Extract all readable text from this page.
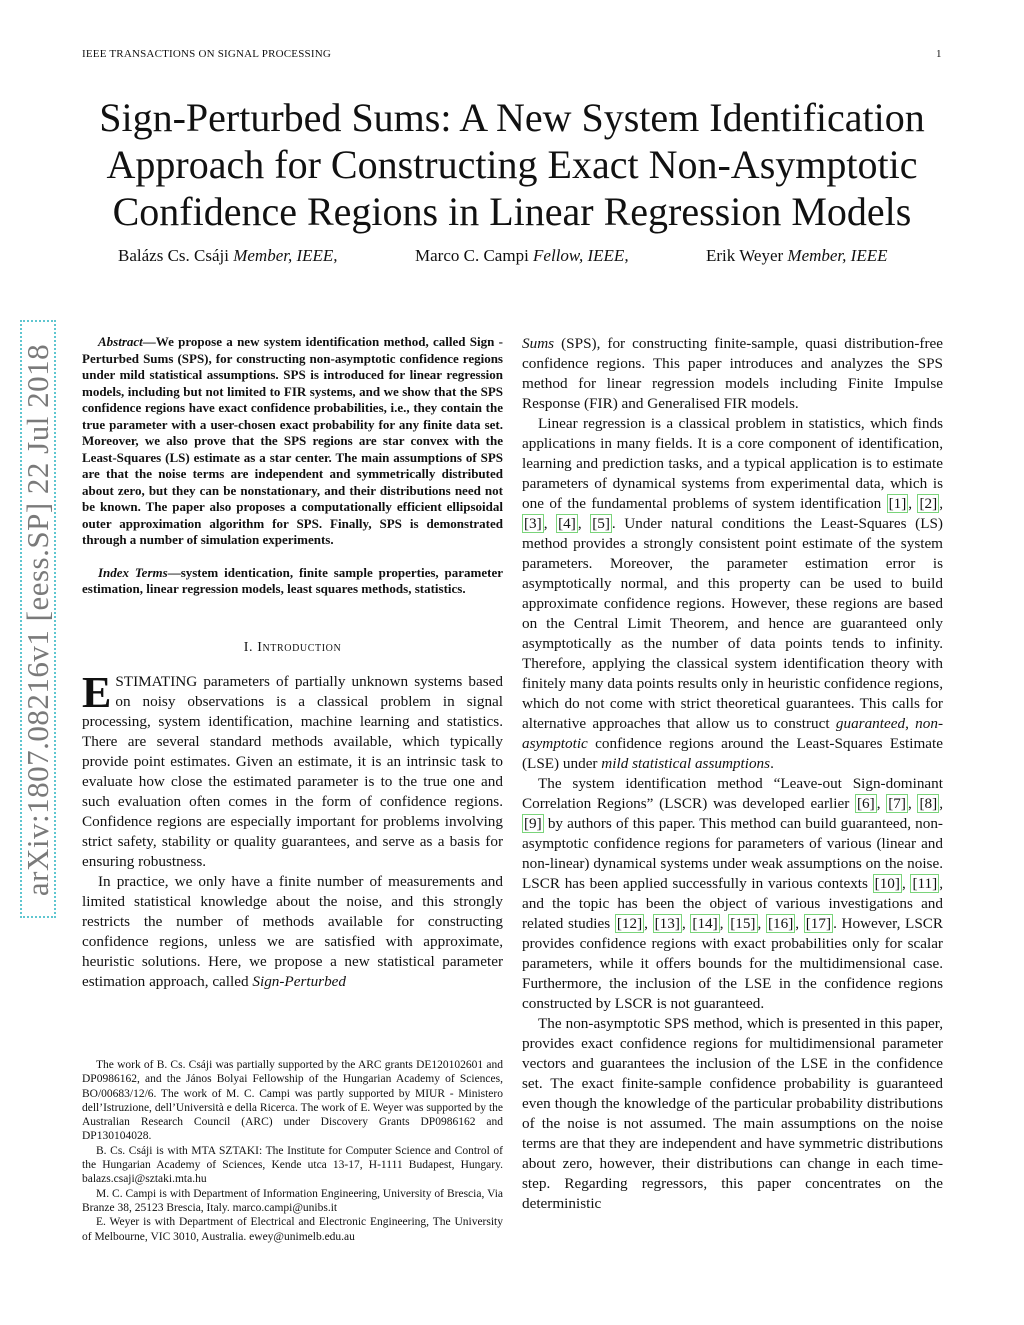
IEEE TRANSACTIONS ON SIGNAL PROCESSING	1
Sign-Perturbed Sums: A New System Identification Approach for Constructing Exact Non-Asymptotic Confidence Regions in Linear Regression Models
Balázs Cs. Csáji Member, IEEE,	Marco C. Campi Fellow, IEEE,	Erik Weyer Member, IEEE
arXiv:1807.08216v1 [eess.SP] 22 Jul 2018

Abstract—We propose a new system identification method, called Sign - Perturbed Sums (SPS), for constructing non-asymptotic confidence regions under mild statistical assumptions. SPS is introduced for linear regression models, including but not limited to FIR systems, and we show that the SPS confidence regions have exact confidence probabilities, i.e., they contain the true parameter with a user-chosen exact probability for any finite data set. Moreover, we also prove that the SPS regions are star convex with the Least-Squares (LS) estimate as a star center. The main assumptions of SPS are that the noise terms are independent and symmetrically distributed about zero, but they can be nonstationary, and their distributions need not be known. The paper also proposes a computationally efficient ellipsoidal outer approximation algorithm for SPS. Finally, SPS is demonstrated through a number of simulation experiments.

Index Terms—system identication, finite sample properties, parameter estimation, linear regression models, least squares methods, statistics.

I. Introduction

ESTIMATING parameters of partially unknown systems based on noisy observations is a classical problem in signal processing, system identification, machine learning and statistics. There are several standard methods available, which typically provide point estimates. Given an estimate, it is an intrinsic task to evaluate how close the estimated parameter is to the true one and such evaluation often comes in the form of confidence regions. Confidence regions are especially important for problems involving strict safety, stability or quality guarantees, and serve as a basis for ensuring robustness.

In practice, we only have a finite number of measurements and limited statistical knowledge about the noise, and this strongly restricts the number of methods available for constructing confidence regions, unless we are satisfied with approximate, heuristic solutions. Here, we propose a new statistical parameter estimation approach, called Sign-Perturbed

The work of B. Cs. Csáji was partially supported by the ARC grants DE120102601 and DP0986162, and the János Bolyai Fellowship of the Hungarian Academy of Sciences, BO/00683/12/6. The work of M. C. Campi was partly supported by MIUR - Ministero dell’Istruzione, dell’Università e della Ricerca. The work of E. Weyer was supported by the Australian Research Council (ARC) under Discovery Grants DP0986162 and DP130104028.

B. Cs. Csáji is with MTA SZTAKI: The Institute for Computer Science and Control of the Hungarian Academy of Sciences, Kende utca 13-17, H-1111 Budapest, Hungary. balazs.csaji@sztaki.mta.hu

M. C. Campi is with Department of Information Engineering, University of Brescia, Via Branze 38, 25123 Brescia, Italy. marco.campi@unibs.it

E. Weyer is with Department of Electrical and Electronic Engineering, The University of Melbourne, VIC 3010, Australia. ewey@unimelb.edu.au

Sums (SPS), for constructing finite-sample, quasi distribution-free confidence regions. This paper introduces and analyzes the SPS method for linear regression models including Finite Impulse Response (FIR) and Generalised FIR models.

Linear regression is a classical problem in statistics, which finds applications in many fields. It is a core component of identification, learning and prediction tasks, and a typical application is to estimate parameters of dynamical systems from experimental data, which is one of the fundamental problems of system identification [1] , [2] , [3] , [4] , [5] . Under natural conditions the Least-Squares (LS) method provides a strongly consistent point estimate of the system parameters. Moreover, the parameter estimation error is asymptotically normal, and this property can be used to build approximate confidence regions. However, these regions are based on the Central Limit Theorem, and hence are guaranteed only asymptotically as the number of data points tends to infinity. Therefore, applying the classical system identification theory with finitely many data points results only in heuristic confidence regions, which do not come with strict theoretical guarantees. This calls for alternative approaches that allow us to construct guaranteed, non-asymptotic confidence regions around the Least-Squares Estimate (LSE) under mild statistical assumptions.

The system identification method “Leave-out Sign-dominant Correlation Regions” (LSCR) was developed earlier [6] , [7] , [8] , [9] by authors of this paper. This method can build guaranteed, non-asymptotic confidence regions for parameters of various (linear and non-linear) dynamical systems under weak assumptions on the noise. LSCR has been applied successfully in various contexts [10] , [11] , and the topic has been the object of various investigations and related studies [12] , [13] , [14] , [15] , [16] , [17] . However, LSCR provides confidence regions with exact probabilities only for scalar parameters, while it offers bounds for the multidimensional case. Furthermore, the inclusion of the LSE in the confidence regions constructed by LSCR is not guaranteed.

The non-asymptotic SPS method, which is presented in this paper, provides exact confidence regions for multidimensional parameter vectors and guarantees the inclusion of the LSE in the confidence set. The exact finite-sample confidence probability is guaranteed even though the knowledge of the particular probability distributions of the noise is not assumed. The main assumptions on the noise terms are that they are independent and have symmetric distributions about zero, however, their distributions can change in each time-step. Regarding regressors, this paper concentrates on the deterministic
